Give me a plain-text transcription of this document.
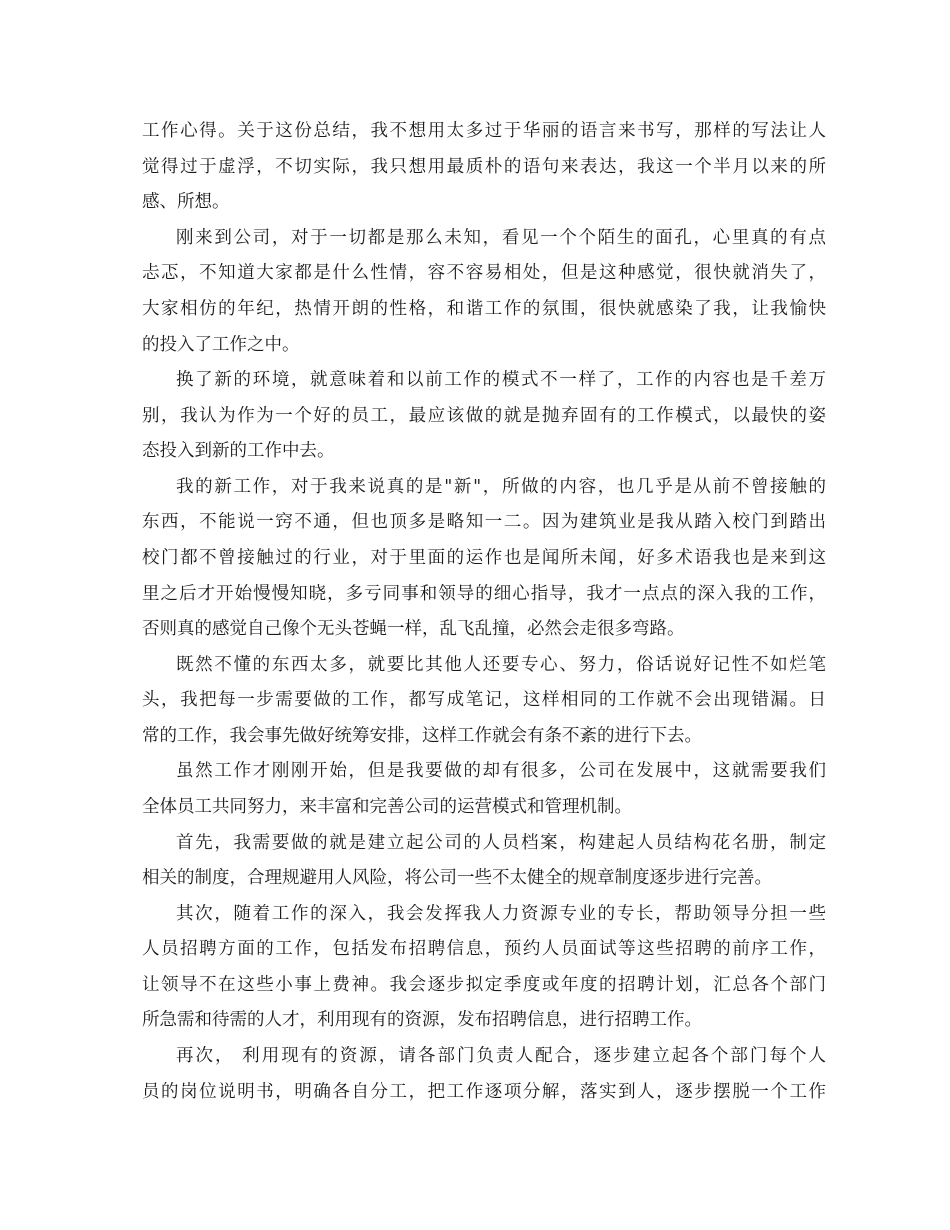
工作心得。关于这份总结，我不想用太多过于华丽的语言来书写，那样的写法让人
觉得过于虚浮，不切实际，我只想用最质朴的语句来表达，我这一个半月以来的所
感、所想。
刚来到公司，对于一切都是那么未知，看见一个个陌生的面孔，心里真的有点
忐忑，不知道大家都是什么性情，容不容易相处，但是这种感觉，很快就消失了，
大家相仿的年纪，热情开朗的性格，和谐工作的氛围，很快就感染了我，让我愉快
的投入了工作之中。
换了新的环境，就意味着和以前工作的模式不一样了，工作的内容也是千差万
别，我认为作为一个好的员工，最应该做的就是抛弃固有的工作模式，以最快的姿
态投入到新的工作中去。
我的新工作，对于我来说真的是"新"，所做的内容，也几乎是从前不曾接触的
东西，不能说一窍不通，但也顶多是略知一二。因为建筑业是我从踏入校门到踏出
校门都不曾接触过的行业，对于里面的运作也是闻所未闻，好多术语我也是来到这
里之后才开始慢慢知晓，多亏同事和领导的细心指导，我才一点点的深入我的工作，
否则真的感觉自己像个无头苍蝇一样，乱飞乱撞，必然会走很多弯路。
既然不懂的东西太多，就要比其他人还要专心、努力，俗话说好记性不如烂笔
头，我把每一步需要做的工作，都写成笔记，这样相同的工作就不会出现错漏。日
常的工作，我会事先做好统筹安排，这样工作就会有条不紊的进行下去。
虽然工作才刚刚开始，但是我要做的却有很多，公司在发展中，这就需要我们
全体员工共同努力，来丰富和完善公司的运营模式和管理机制。
首先，我需要做的就是建立起公司的人员档案，构建起人员结构花名册，制定
相关的制度，合理规避用人风险，将公司一些不太健全的规章制度逐步进行完善。
其次，随着工作的深入，我会发挥我人力资源专业的专长，帮助领导分担一些
人员招聘方面的工作，包括发布招聘信息，预约人员面试等这些招聘的前序工作，
让领导不在这些小事上费神。我会逐步拟定季度或年度的招聘计划，汇总各个部门
所急需和待需的人才，利用现有的资源，发布招聘信息，进行招聘工作。
再次， 利用现有的资源，请各部门负责人配合，逐步建立起各个部门每个人
员的岗位说明书，明确各自分工，把工作逐项分解，落实到人，逐步摆脱一个工作
